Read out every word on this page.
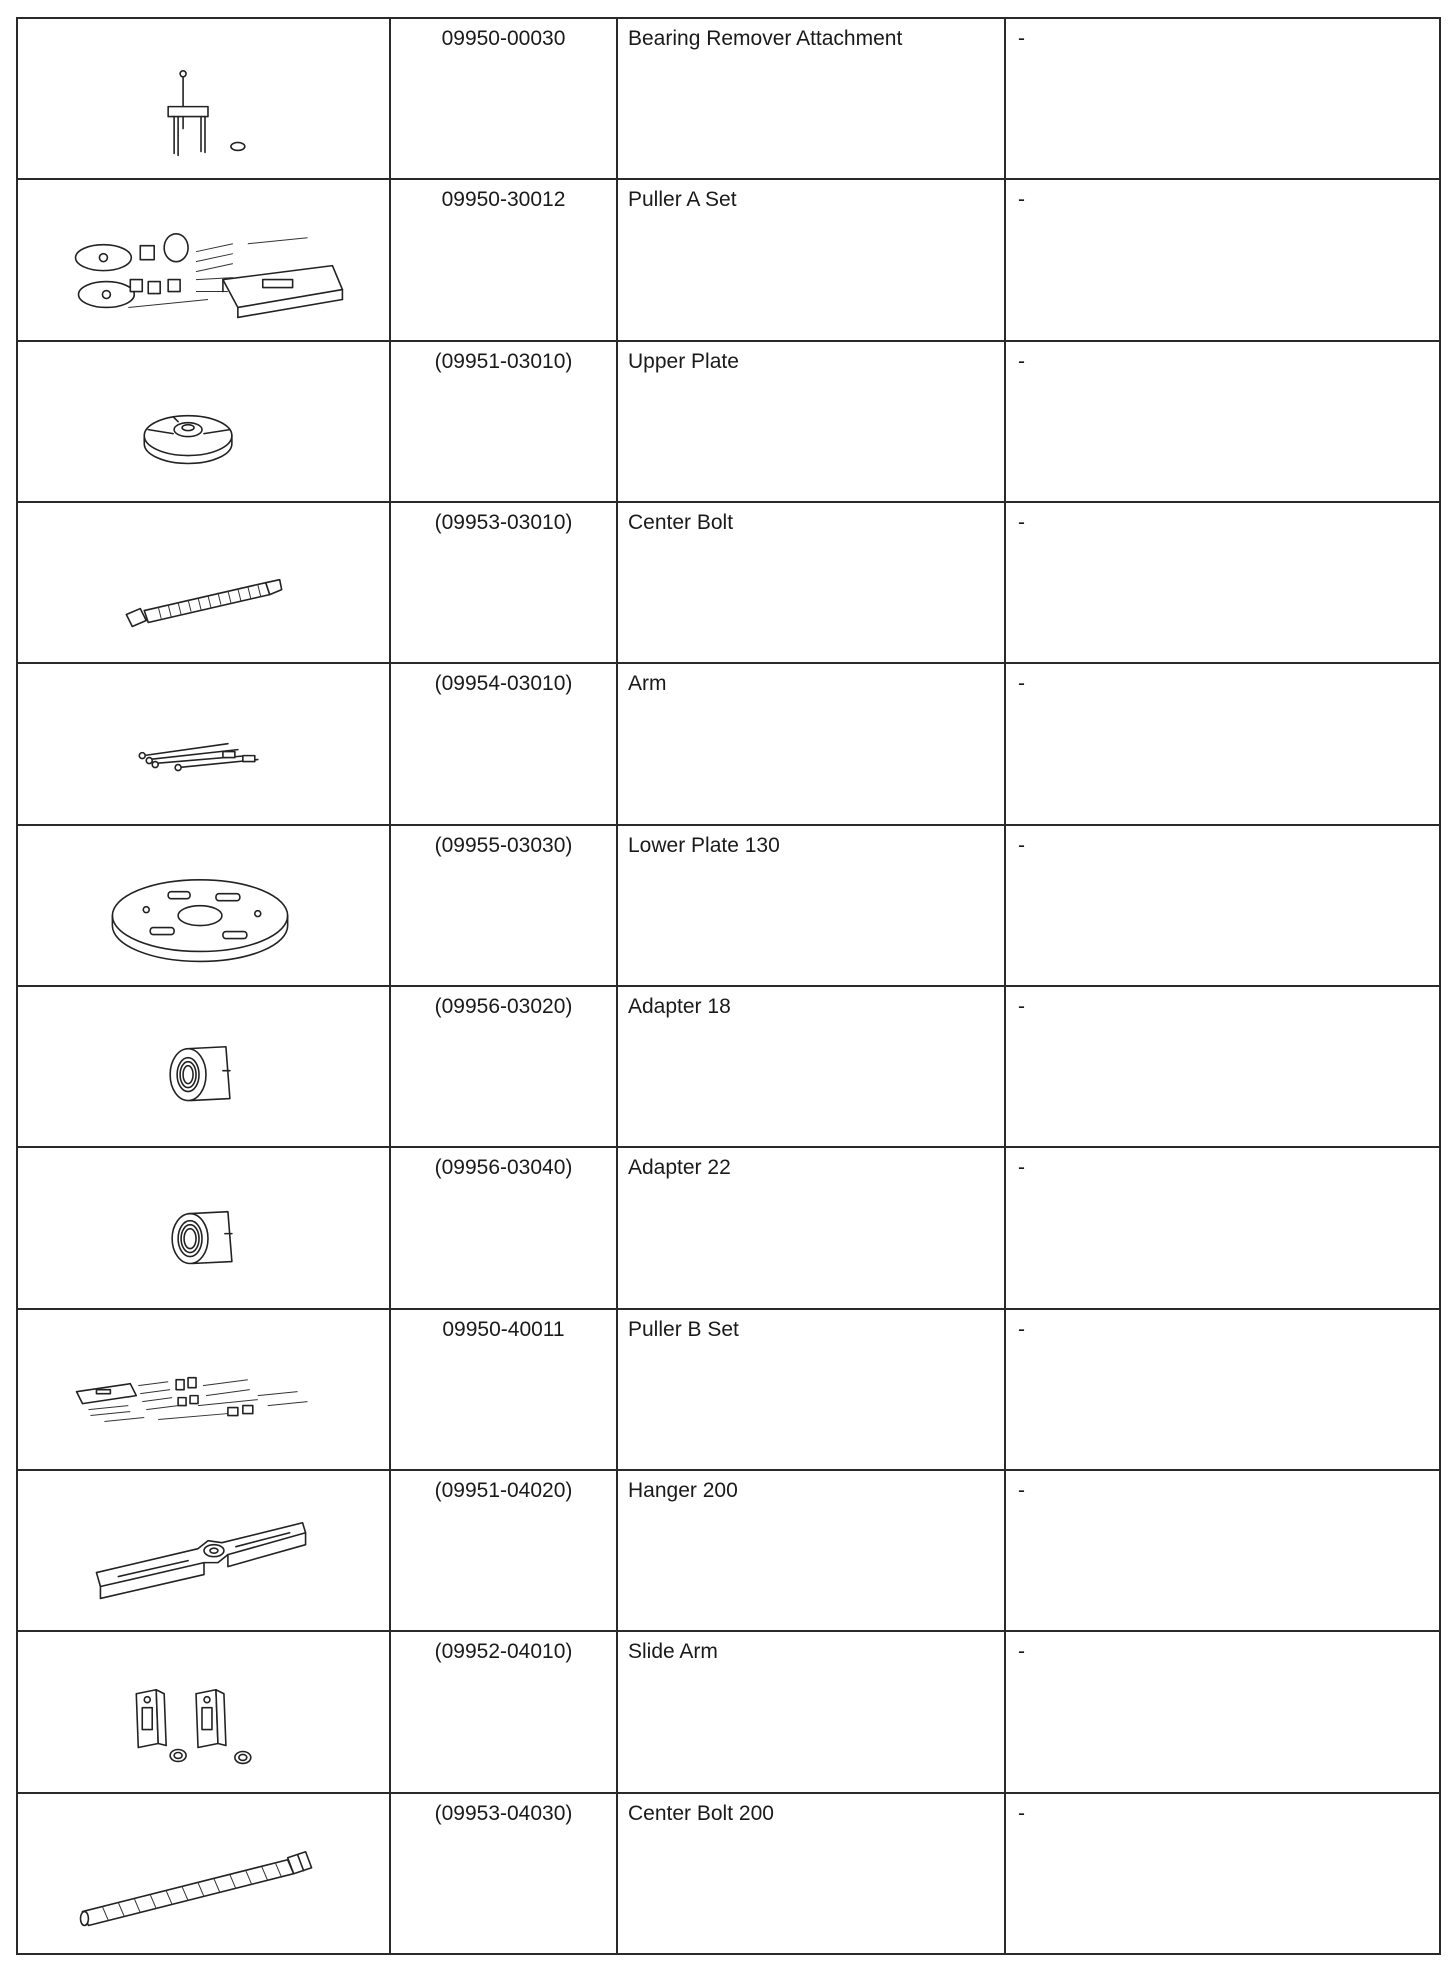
09950-00030	Bearing Remover Attachment	-

09950-30012	Puller A Set	-

(09951-03010)	Upper Plate	-

(09953-03010)	Center Bolt	-

(09954-03010)	Arm	-

(09955-03030)	Lower Plate 130	-

(09956-03020)	Adapter 18	-

(09956-03040)	Adapter 22	-

09950-40011	Puller B Set	-

(09951-04020)	Hanger 200	-

(09952-04010)	Slide Arm	-

(09953-04030)	Center Bolt 200	-
